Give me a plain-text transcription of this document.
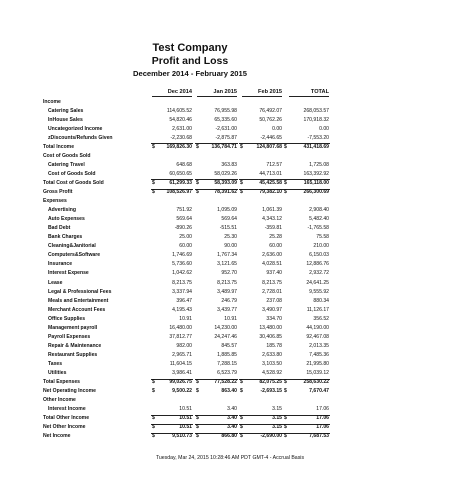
Test Company
Profit and Loss
December 2014 - February 2015
Dec 2014	Jan 2015	Feb 2015	TOTAL
Income
Catering Sales	114,605.52	76,955.98	76,492.07	268,053.57
InHouse Sales	54,820.46	65,335.60	50,762.26	170,918.32
Uncategorized Income	2,631.00	-2,631.00	0.00	0.00
zDiscounts/Refunds Given	-2,230.68	-2,875.87	-2,446.65	-7,553.20
Total Income	$	169,826.30 $	136,784.71 $	124,807.68 $	431,418.69
Cost of Goods Sold
Catering Travel	648.68	363.83	712.57	1,725.08
Cost of Goods Sold	60,650.65	58,029.26	44,713.01	163,392.92
Total Cost of Goods Sold	$	61,299.33 $	58,393.09 $	45,425.58 $	165,118.00
Gross Profit	$	108,526.97 $	78,391.62 $	79,382.10 $	266,300.69
Expenses
Advertising	751.92	1,095.09	1,061.39	2,908.40
Auto Expenses	569.64	569.64	4,343.12	5,482.40
Bad Debt	-890.26	-515.51	-359.81	-1,765.58
Bank Charges	25.00	25.30	25.28	75.58
Cleaning&Janitorial	60.00	90.00	60.00	210.00
Computers&Software	1,746.69	1,767.34	2,636.00	6,150.03
Insurance	5,736.60	3,121.65	4,028.51	12,886.76
Interest Expense	1,042.62	952.70	937.40	2,932.72
Lease	8,213.75	8,213.75	8,213.75	24,641.25
Legal & Professional Fees	3,337.94	3,489.97	2,728.01	9,555.92
Meals and Entertainment	396.47	246.79	237.08	880.34
Merchant Account Fees	4,195.43	3,439.77	3,490.97	11,126.17
Office Supplies	10.91	10.91	334.70	356.52
Management payroll	16,480.00	14,230.00	13,480.00	44,190.00
Payroll Expenses	37,812.77	24,247.46	30,406.85	92,467.08
Repair & Maintenance	982.00	845.57	185.78	2,013.35
Restaurant Supplies	2,965.71	1,885.85	2,633.80	7,485.36
Taxes	11,604.15	7,288.15	3,103.50	21,995.80
Utilities	3,986.41	6,523.79	4,528.92	15,039.12
Total Expenses	$	99,026.75 $	77,528.22 $	82,075.25 $	258,630.22
Net Operating Income	$	9,500.22 $	863.40 $	-2,693.15 $	7,670.47
Other Income
Interest Income	10.51	3.40	3.15	17.06
Total Other Income	$	10.51 $	3.40 $	3.15 $	17.06
Net Other Income	$	10.51 $	3.40 $	3.15 $	17.06
Net Income	$	9,510.73 $	866.80 $	-2,690.00 $	7,687.53
Tuesday, Mar 24, 2015 10:28:46 AM PDT GMT-4 - Accrual Basis
